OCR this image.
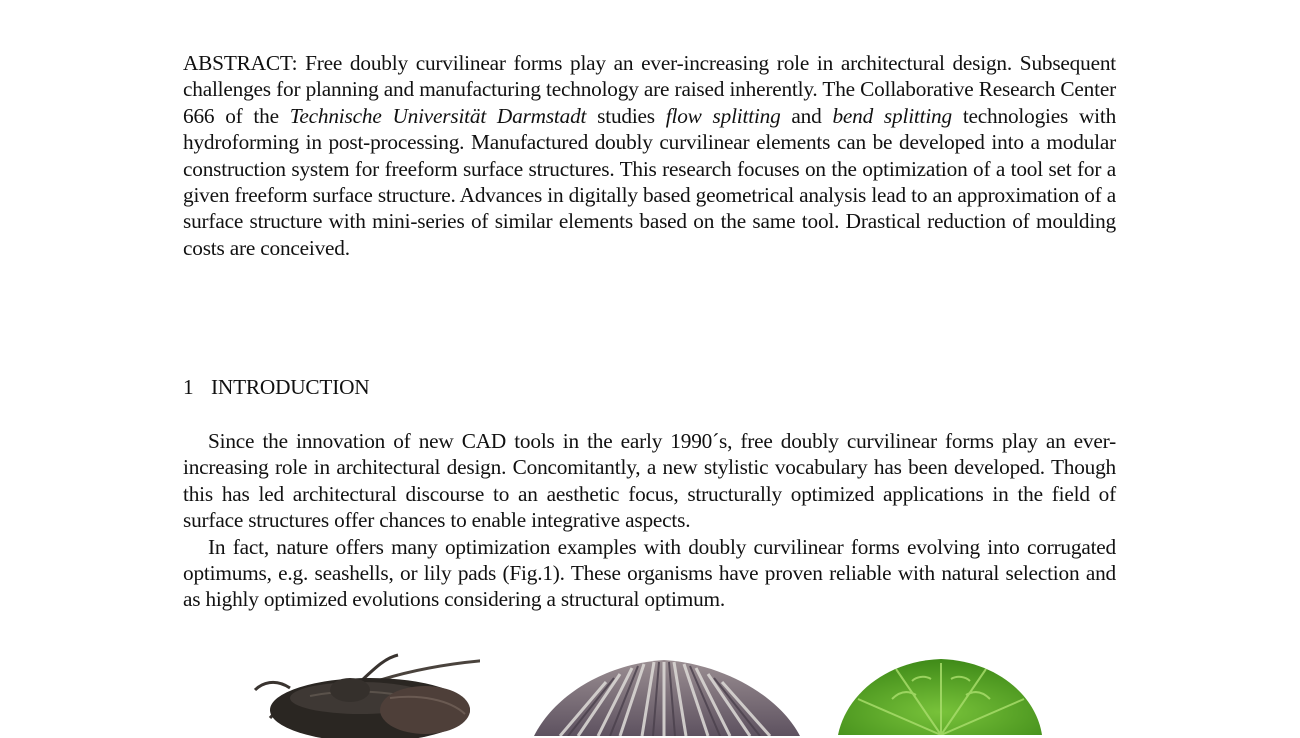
ABSTRACT: Free doubly curvilinear forms play an ever-increasing role in architectural design. Subsequent challenges for planning and manufacturing technology are raised inherently. The Collaborative Research Center 666 of the Technische Universität Darmstadt studies flow splitting and bend splitting technologies with hydroforming in post-processing. Manufactured doubly curvilinear elements can be developed into a modular construction system for freeform surface structures. This research focuses on the optimization of a tool set for a given freeform surface structure. Advances in digitally based geometrical analysis lead to an approximation of a surface structure with mini-series of similar elements based on the same tool. Drastical reduction of moulding costs are conceived.

1 INTRODUCTION

Since the innovation of new CAD tools in the early 1990´s, free doubly curvilinear forms play an ever-increasing role in architectural design. Concomitantly, a new stylistic vocabulary has been developed. Though this has led architectural discourse to an aesthetic focus, structurally optimized applications in the field of surface structures offer chances to enable integrative aspects.

In fact, nature offers many optimization examples with doubly curvilinear forms evolving into corrugated optimums, e.g. seashells, or lily pads (Fig.1). These organisms have proven reliable with natural selection and as highly optimized evolutions considering a structural optimum.
